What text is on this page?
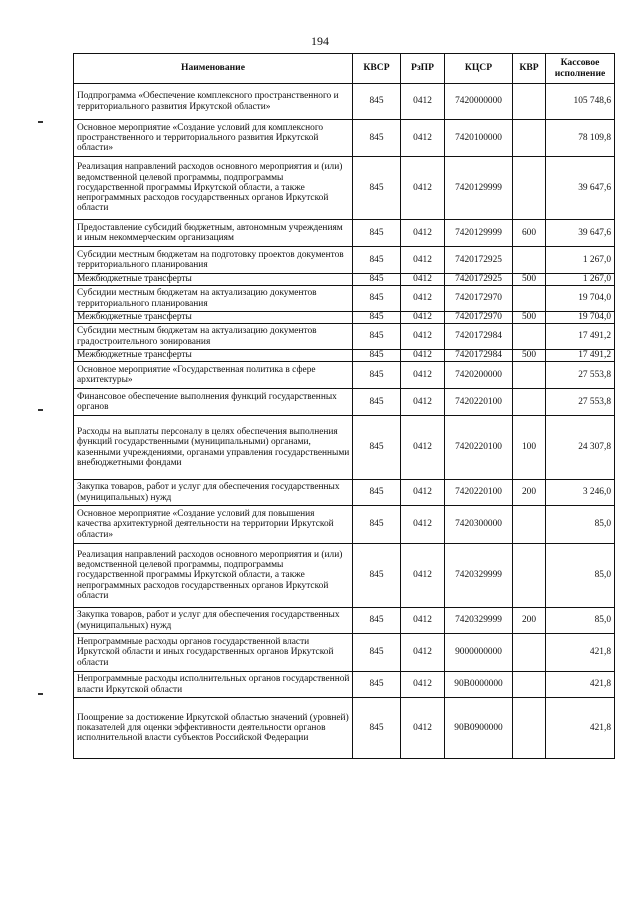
194
Наименование	КВСР	РзПР	КЦСР	КВР	Кассовое исполнение
Подпрограмма «Обеспечение комплексного пространственного и территориального развития Иркутской области»	845	0412	7420000000		105 748,6
Основное мероприятие «Создание условий для комплексного пространственного и территориального развития Иркутской области»	845	0412	7420100000		78 109,8
Реализация направлений расходов основного мероприятия и (или) ведомственной целевой программы, подпрограммы государственной программы Иркутской области, а также непрограммных расходов государственных органов Иркутской области	845	0412	7420129999		39 647,6
Предоставление субсидий бюджетным, автономным учреждениям и иным некоммерческим организациям	845	0412	7420129999	600	39 647,6
Субсидии местным бюджетам на подготовку проектов документов территориального планирования	845	0412	7420172925		1 267,0
Межбюджетные трансферты	845	0412	7420172925	500	1 267,0
Субсидии местным бюджетам на актуализацию документов территориального планирования	845	0412	7420172970		19 704,0
Межбюджетные трансферты	845	0412	7420172970	500	19 704,0
Субсидии местным бюджетам на актуализацию документов градостроительного зонирования	845	0412	7420172984		17 491,2
Межбюджетные трансферты	845	0412	7420172984	500	17 491,2
Основное мероприятие «Государственная политика в сфере архитектуры»	845	0412	7420200000		27 553,8
Финансовое обеспечение выполнения функций государственных органов	845	0412	7420220100		27 553,8
Расходы на выплаты персоналу в целях обеспечения выполнения функций государственными (муниципальными) органами, казенными учреждениями, органами управления государственными внебюджетными фондами	845	0412	7420220100	100	24 307,8
Закупка товаров, работ и услуг для обеспечения государственных (муниципальных) нужд	845	0412	7420220100	200	3 246,0
Основное мероприятие «Создание условий для повышения качества архитектурной деятельности на территории Иркутской области»	845	0412	7420300000		85,0
Реализация направлений расходов основного мероприятия и (или) ведомственной целевой программы, подпрограммы государственной программы Иркутской области, а также непрограммных расходов государственных органов Иркутской области	845	0412	7420329999		85,0
Закупка товаров, работ и услуг для обеспечения государственных (муниципальных) нужд	845	0412	7420329999	200	85,0
Непрограммные расходы органов государственной власти Иркутской области и иных государственных органов Иркутской области	845	0412	9000000000		421,8
Непрограммные расходы исполнительных органов государственной власти Иркутской области	845	0412	90В0000000		421,8
Поощрение за достижение Иркутской областью значений (уровней) показателей для оценки эффективности деятельности органов исполнительной власти субъектов Российской Федерации	845	0412	90В0900000		421,8
